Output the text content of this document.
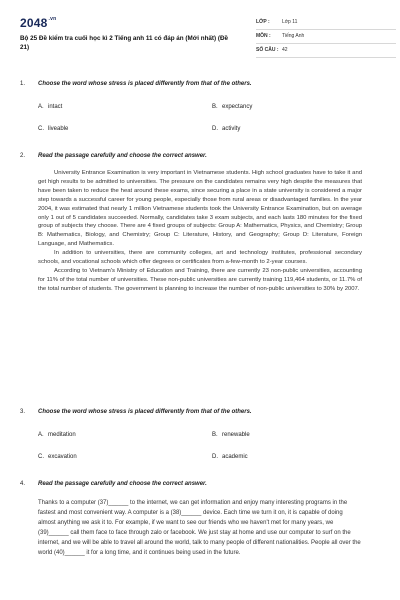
$2048^{.vn}$
Bộ 25 Đề kiểm tra cuối học kì 2 Tiếng anh 11 có đáp án (Mới nhất) (Đề 21)
LỚP : Lớp 11
MÔN : Tiếng Anh
SỐ CÂU : 42
1. Choose the word whose stress is placed differently from that of the others.
A. intact	B. expectancy
C. liveable	D. activity
2. Read the passage carefully and choose the correct answer.

University Entrance Examination is very important in Vietnamese students. High school graduates have to take it and get high results to be admitted to universities. The pressure on the candidates remains very high despite the measures that have been taken to reduce the heat around these exams, since securing a place in a state university is considered a major step towards a successful career for young people, especially those from rural areas or disadvantaged families. In the year 2004, it was estimated that nearly 1 million Vietnamese students took the University Entrance Examination, but on average only 1 out of 5 candidates succeeded. Normally, candidates take 3 exam subjects, and each lasts 180 minutes for the fixed group of subjects they choose. There are 4 fixed groups of subjects: Group A: Mathematics, Physics, and Chemistry; Group B: Mathematics, Biology, and Chemistry; Group C: Literature, History, and Geography; Group D: Literature, Foreign Language, and Mathematics.

In addition to universities, there are community colleges, art and technology institutes, professional secondary schools, and vocational schools which offer degrees or certificates from a-few-month to 2-year courses.

According to Vietnam's Ministry of Education and Training, there are currently 23 non-public universities, accounting for 11% of the total number of universities. These non-public universities are currently training 119,464 students, or 11.7% of the total number of students. The government is planning to increase the number of non-public universities to 30% by 2007.

3. Choose the word whose stress is placed differently from that of the others.
A. meditation	B. renewable
C. excavation	D. academic
4. Read the passage carefully and choose the correct answer.

Thanks to a computer (37)______ to the internet, we can get information and enjoy many interesting programs in the fastest and most convenient way. A computer is a (38)______ device. Each time we turn it on, it is capable of doing almost anything we ask it to. For example, if we want to see our friends who we haven't met for many years, we (39)______ call them face to face through zalo or facebook. We just stay at home and use our computer to surf on the internet, and we will be able to travel all around the world, talk to many people of different nationalities. People all over the world (40)______ it for a long time, and it continues being used in the future.
